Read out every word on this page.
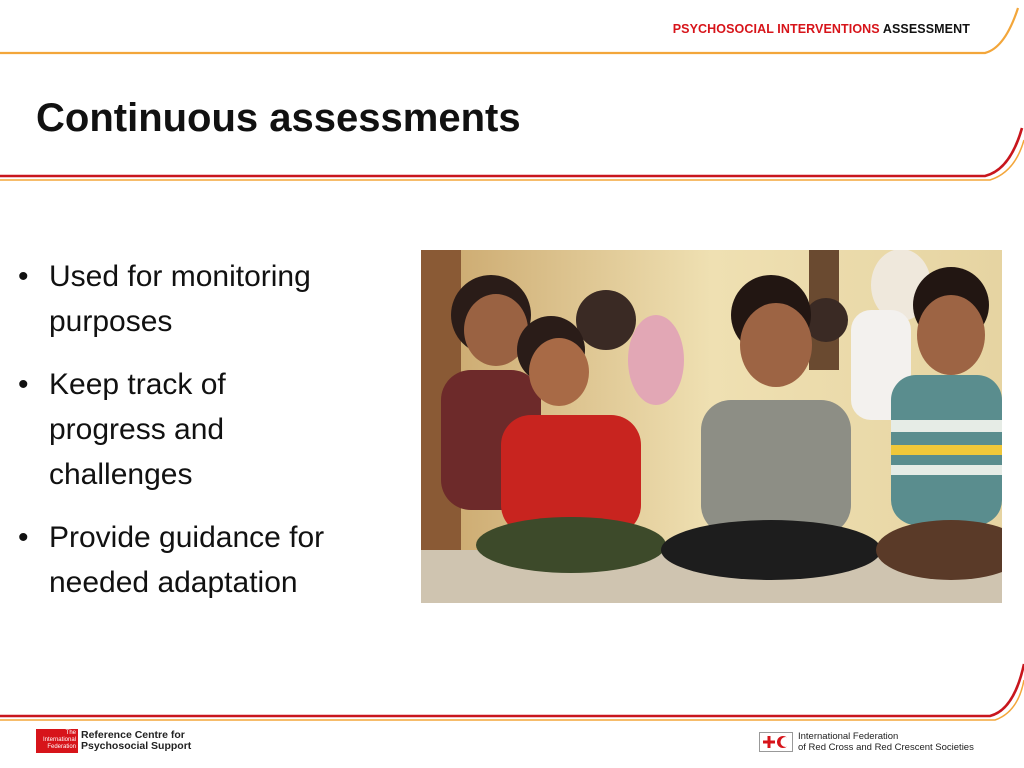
PSYCHOSOCIAL INTERVENTIONS ASSESSMENT
Continuous assessments
• Used for monitoring
purposes
• Keep track of
progress and
challenges
• Provide guidance for
needed adaptation
The International Federation
Reference Centre for
Psychosocial Support
International Federation
of Red Cross and Red Crescent Societies
